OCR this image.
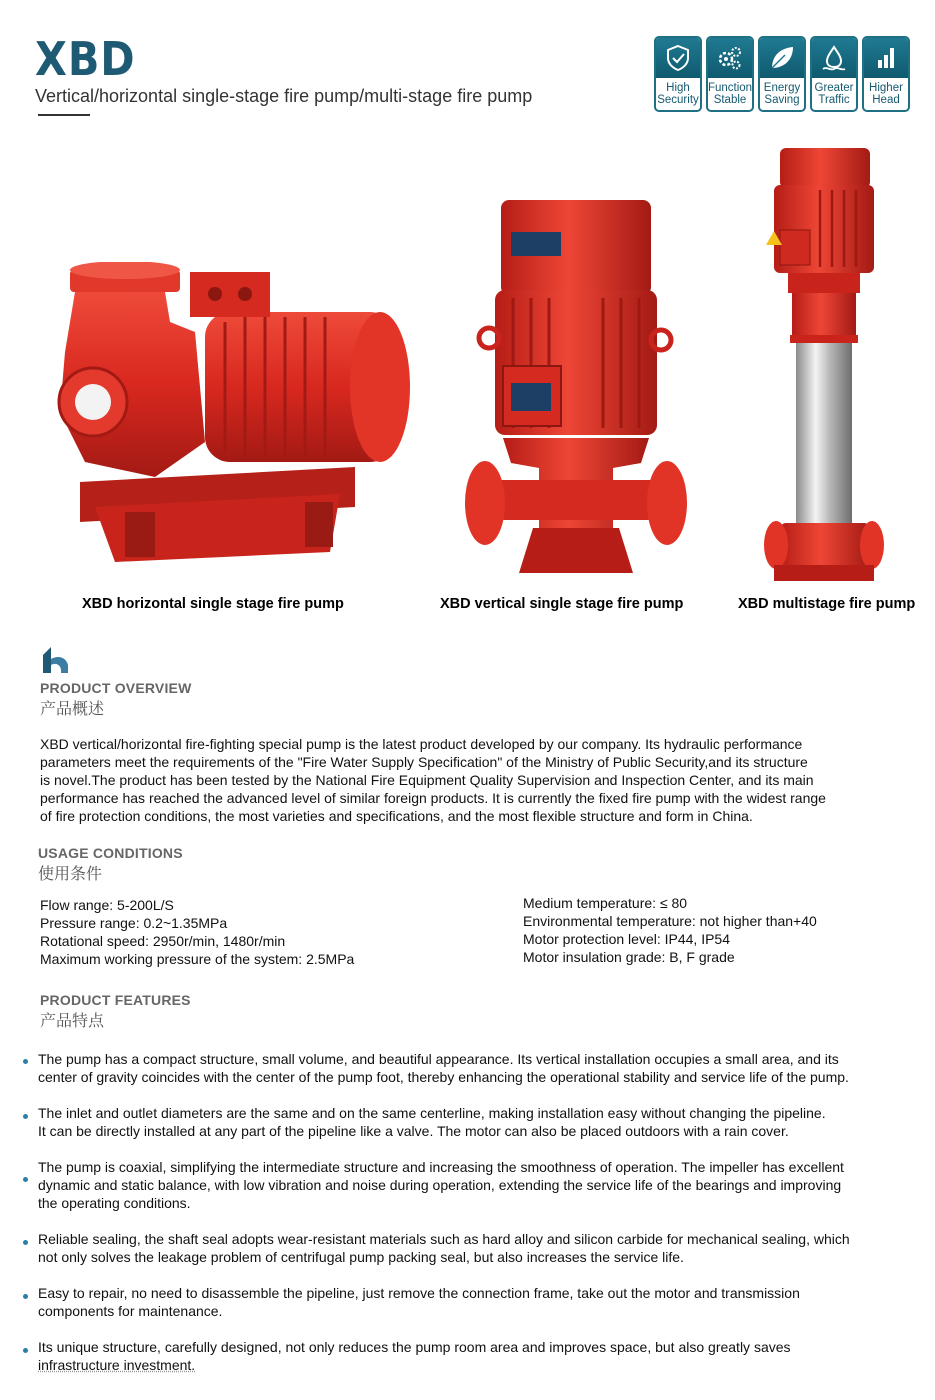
XBD
Vertical/horizontal single-stage fire pump/multi-stage fire pump	High
Security
Function
Stable
Energy
Saving
Greater
Traffic
Higher
Head
XBD horizontal single stage fire pump	XBD vertical single stage fire pump	XBD multistage fire pump
PRODUCT OVERVIEW
产品概述
XBD vertical/horizontal fire-fighting special pump is the latest product developed by our company. Its hydraulic performance
parameters meet the requirements of the "Fire Water Supply Specification" of the Ministry of Public Security,and its structure
is novel.The product has been tested by the National Fire Equipment Quality Supervision and Inspection Center, and its main
performance has reached the advanced level of similar foreign products. It is currently the fixed fire pump with the widest range
of fire protection conditions, the most varieties and specifications, and the most flexible structure and form in China.
USAGE CONDITIONS
使用条件
Flow range: 5-200L/S
Pressure range: 0.2~1.35MPa
Rotational speed: 2950r/min, 1480r/min
Maximum working pressure of the system: 2.5MPa
Medium temperature: ≤ 80
Environmental temperature: not higher than+40
Motor protection level: IP44, IP54
Motor insulation grade: B, F grade
PRODUCT FEATURES
产品特点
The pump has a compact structure, small volume, and beautiful appearance. Its vertical installation occupies a small area, and its
center of gravity coincides with the center of the pump foot, thereby enhancing the operational stability and service life of the pump.
The inlet and outlet diameters are the same and on the same centerline, making installation easy without changing the pipeline.
It can be directly installed at any part of the pipeline like a valve. The motor can also be placed outdoors with a rain cover.
The pump is coaxial, simplifying the intermediate structure and increasing the smoothness of operation. The impeller has excellent
dynamic and static balance, with low vibration and noise during operation, extending the service life of the bearings and improving
the operating conditions.
Reliable sealing, the shaft seal adopts wear-resistant materials such as hard alloy and silicon carbide for mechanical sealing, which
not only solves the leakage problem of centrifugal pump packing seal, but also increases the service life.
Easy to repair, no need to disassemble the pipeline, just remove the connection frame, take out the motor and transmission
components for maintenance.
Its unique structure, carefully designed, not only reduces the pump room area and improves space, but also greatly saves
infrastructure investment.
